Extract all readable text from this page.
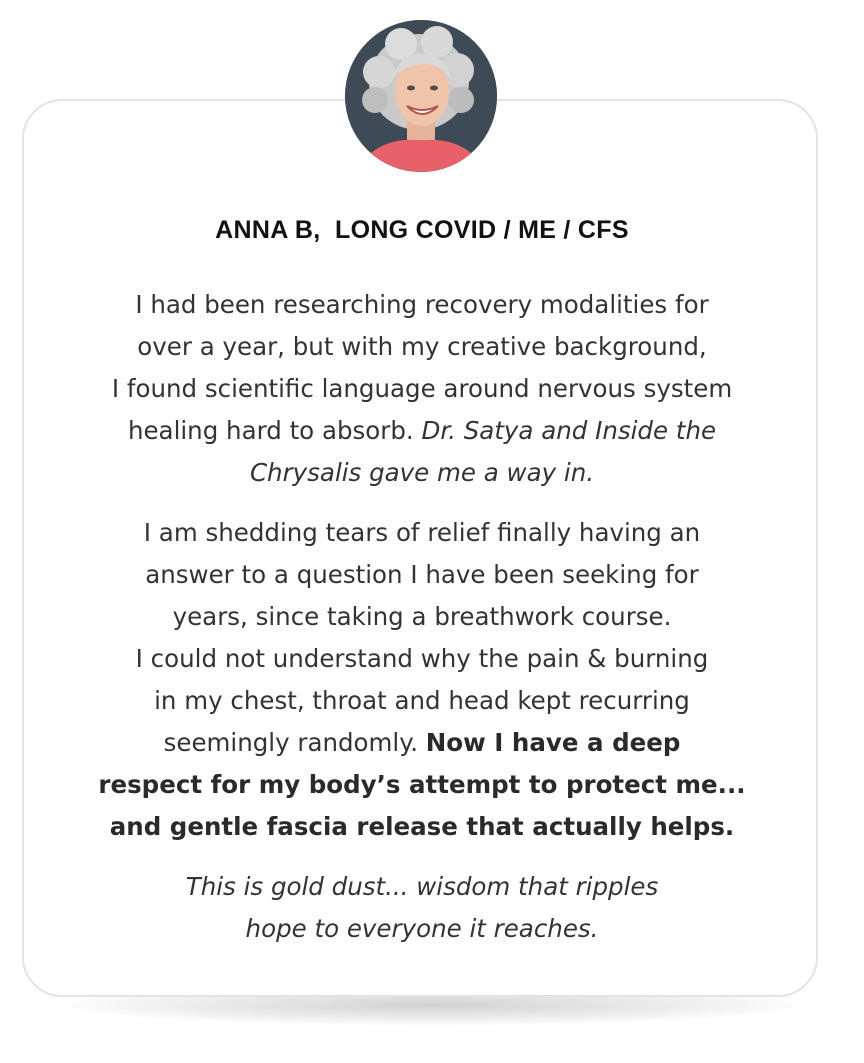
ANNA B,  LONG COVID / ME / CFS

I had been researching recovery modalities for
over a year, but with my creative background,
I found scientific language around nervous system
healing hard to absorb. Dr. Satya and Inside the
Chrysalis gave me a way in.

I am shedding tears of relief finally having an
answer to a question I have been seeking for
years, since taking a breathwork course.
I could not understand why the pain & burning
in my chest, throat and head kept recurring
seemingly randomly. Now I have a deep
respect for my body’s attempt to protect me...
and gentle fascia release that actually helps.

This is gold dust... wisdom that ripples
hope to everyone it reaches.
